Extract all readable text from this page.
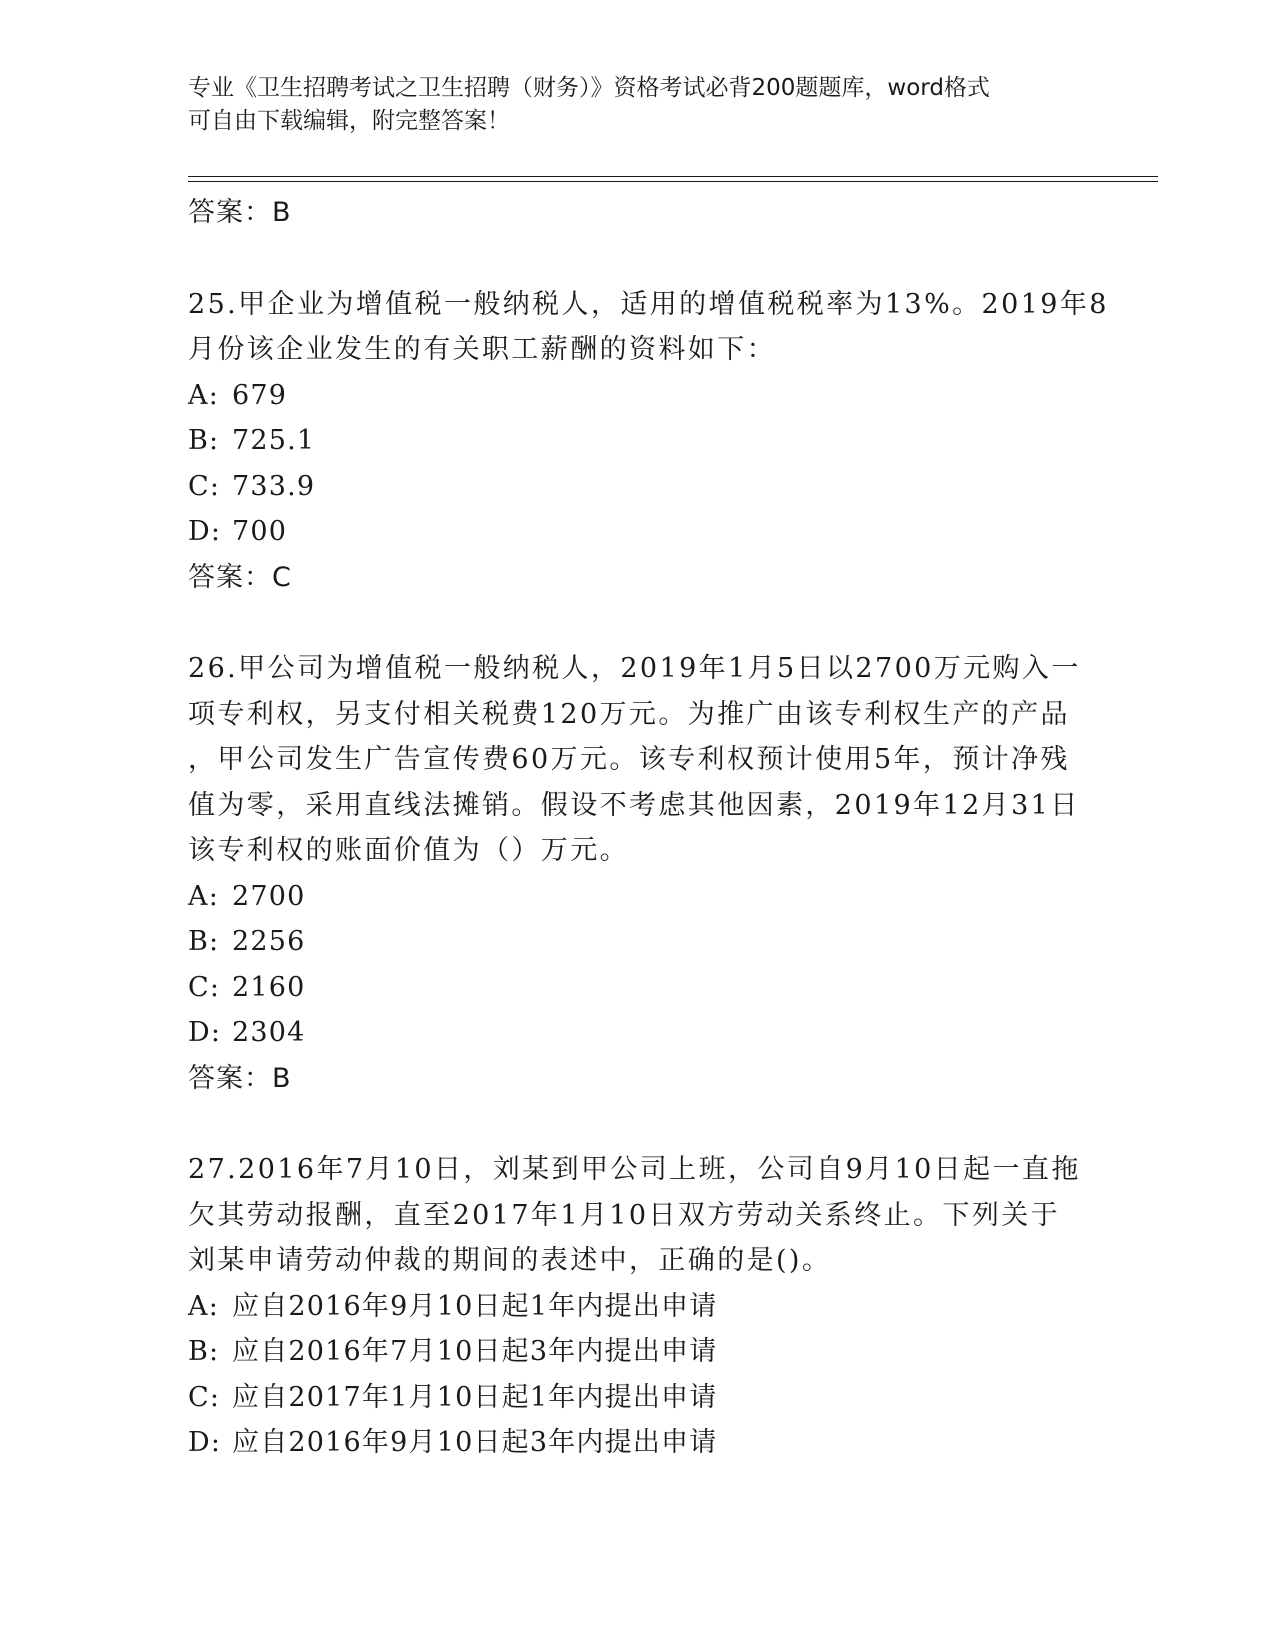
专业《卫生招聘考试之卫生招聘（财务）》资格考试必背200题题库，word格式
可自由下载编辑，附完整答案！
答案：B
25.甲企业为增值税一般纳税人，适用的增值税税率为13%。2019年8
月份该企业发生的有关职工薪酬的资料如下：
A: 679
B: 725.1
C: 733.9
D: 700
答案：C
26.甲公司为增值税一般纳税人，2019年1月5日以2700万元购入一
项专利权，另支付相关税费120万元。为推广由该专利权生产的产品
，甲公司发生广告宣传费60万元。该专利权预计使用5年，预计净残
值为零，采用直线法摊销。假设不考虑其他因素，2019年12月31日
该专利权的账面价值为（）万元。
A: 2700
B: 2256
C: 2160
D: 2304
答案：B
27.2016年7月10日，刘某到甲公司上班，公司自9月10日起一直拖
欠其劳动报酬，直至2017年1月10日双方劳动关系终止。下列关于
刘某申请劳动仲裁的期间的表述中，正确的是()。
A: 应自2016年9月10日起1年内提出申请
B: 应自2016年7月10日起3年内提出申请
C: 应自2017年1月10日起1年内提出申请
D: 应自2016年9月10日起3年内提出申请
